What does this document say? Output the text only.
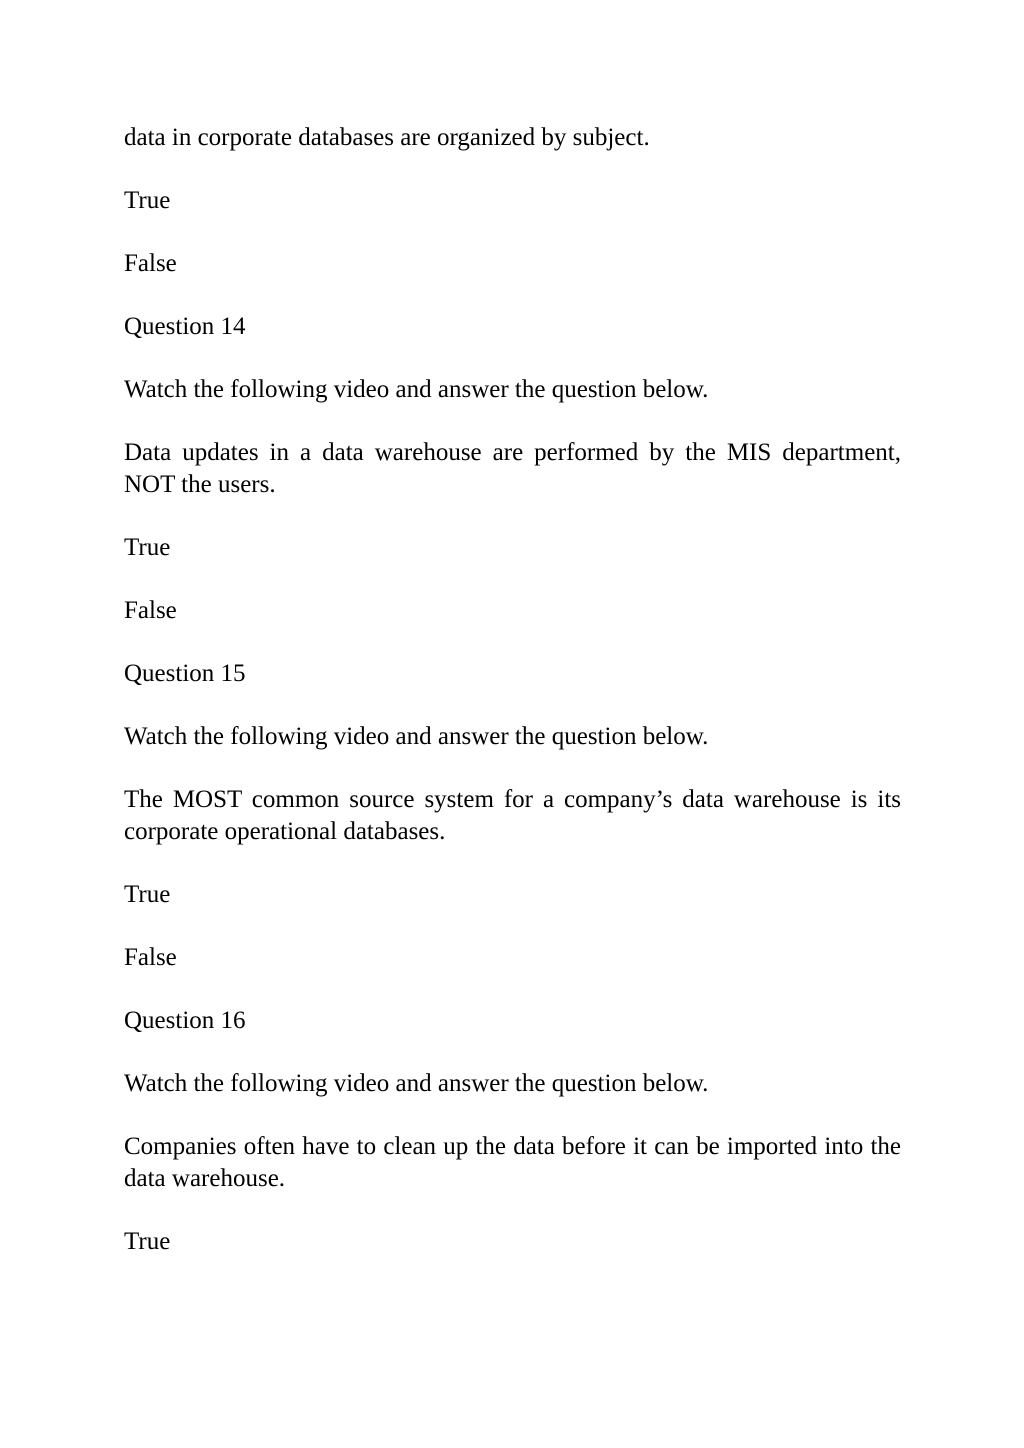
data in corporate databases are organized by subject.

True

False

Question 14

Watch the following video and answer the question below.

Data updates in a data warehouse are performed by the MIS department, NOT the users.

True

False

Question 15

Watch the following video and answer the question below.

The MOST common source system for a company’s data warehouse is its corporate operational databases.

True

False

Question 16

Watch the following video and answer the question below.

Companies often have to clean up the data before it can be imported into the data warehouse.

True
